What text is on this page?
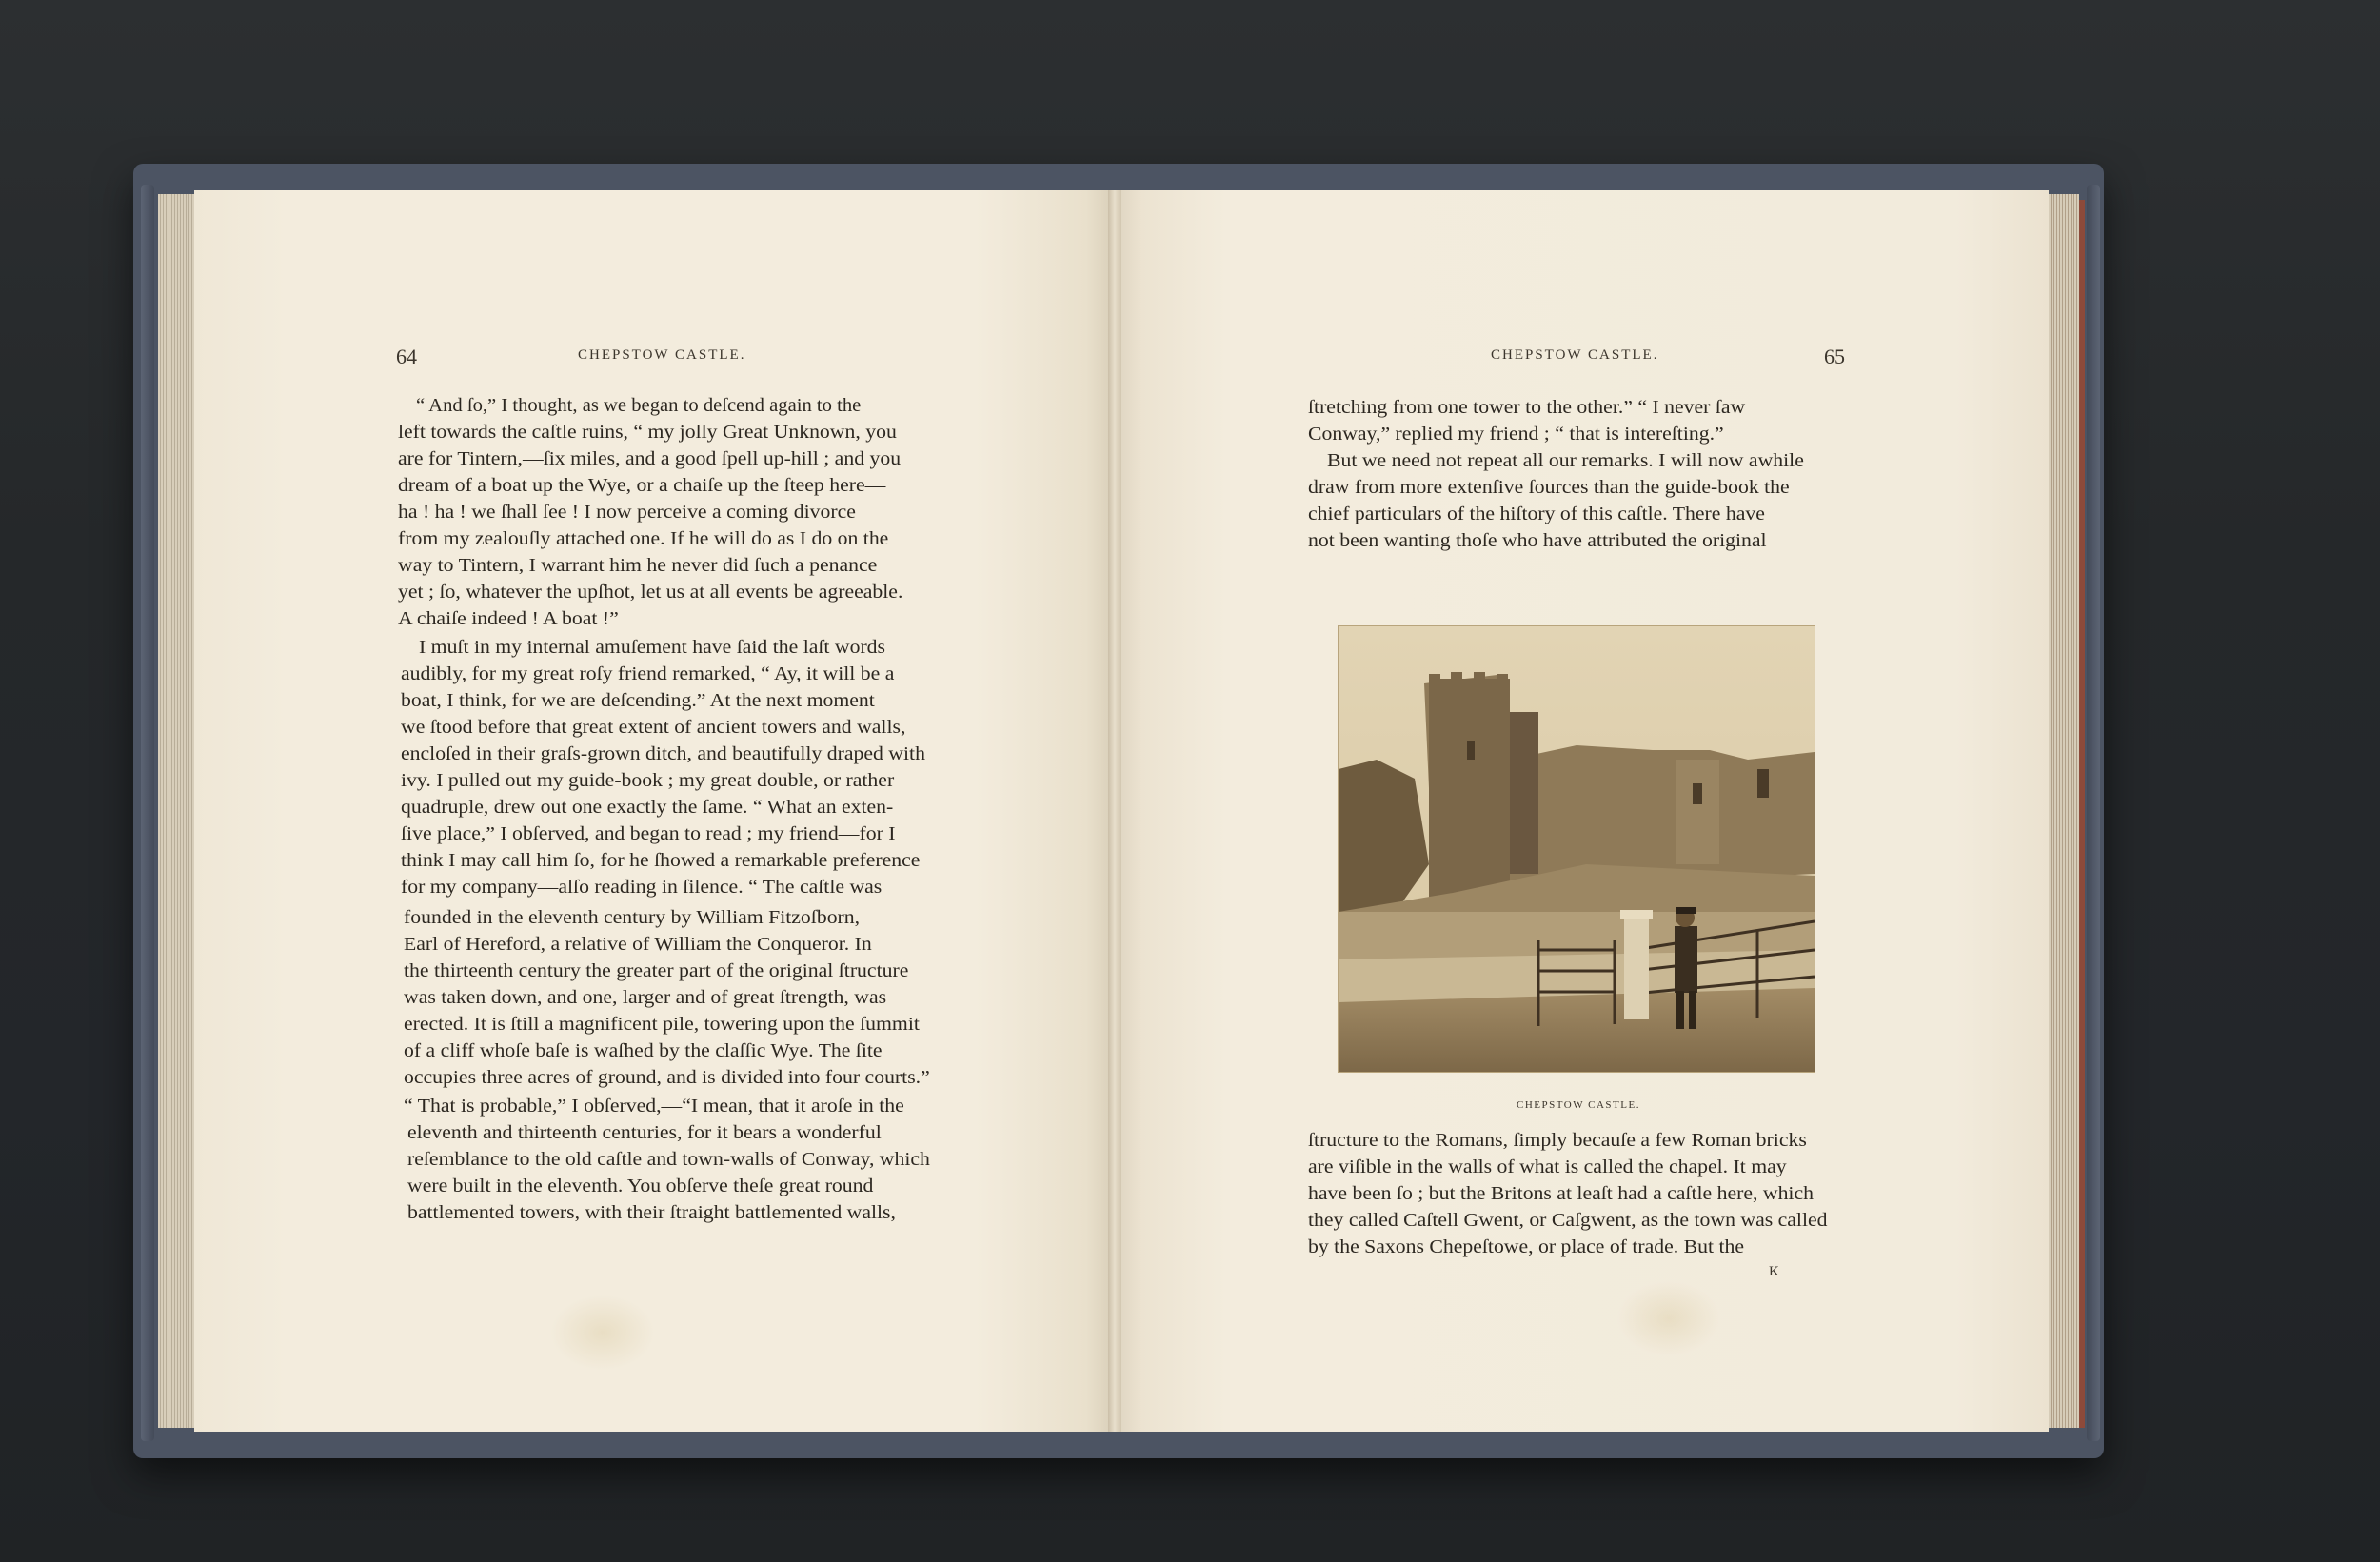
64	CHEPSTOW CASTLE.
“ And ſo,” I thought, as we began to deſcend again to the
left towards the caſtle ruins, “ my jolly Great Unknown, you
are for Tintern,—ſix miles, and a good ſpell up-hill ; and you
dream of a boat up the Wye, or a chaiſe up the ſteep here—
ha ! ha ! we ſhall ſee ! I now perceive a coming divorce
from my zealouſly attached one. If he will do as I do on the
way to Tintern, I warrant him he never did ſuch a penance
yet ; ſo, whatever the upſhot, let us at all events be agreeable.
A chaiſe indeed ! A boat !”
I muſt in my internal amuſement have ſaid the laſt words
audibly, for my great roſy friend remarked, “ Ay, it will be a
boat, I think, for we are deſcending.” At the next moment
we ſtood before that great extent of ancient towers and walls,
encloſed in their graſs-grown ditch, and beautifully draped with
ivy. I pulled out my guide-book ; my great double, or rather
quadruple, drew out one exactly the ſame. “ What an exten-
ſive place,” I obſerved, and began to read ; my friend—for I
think I may call him ſo, for he ſhowed a remarkable preference
for my company—alſo reading in ſilence. “ The caſtle was
founded in the eleventh century by William Fitzoſborn,
Earl of Hereford, a relative of William the Conqueror. In
the thirteenth century the greater part of the original ſtructure
was taken down, and one, larger and of great ſtrength, was
erected. It is ſtill a magnificent pile, towering upon the ſummit
of a cliff whoſe baſe is waſhed by the claſſic Wye. The ſite
occupies three acres of ground, and is divided into four courts.”
“ That is probable,” I obſerved,—“I mean, that it aroſe in the
eleventh and thirteenth centuries, for it bears a wonderful
reſemblance to the old caſtle and town-walls of Conway, which
were built in the eleventh. You obſerve theſe great round
battlemented towers, with their ſtraight battlemented walls,
CHEPSTOW CASTLE.	65
ſtretching from one tower to the other.” “ I never ſaw
Conway,” replied my friend ; “ that is intereſting.”
But we need not repeat all our remarks. I will now awhile
draw from more extenſive ſources than the guide-book the
chief particulars of the hiſtory of this caſtle. There have
not been wanting thoſe who have attributed the original
CHEPSTOW CASTLE.
ſtructure to the Romans, ſimply becauſe a few Roman bricks
are viſible in the walls of what is called the chapel. It may
have been ſo ; but the Britons at leaſt had a caſtle here, which
they called Caſtell Gwent, or Caſgwent, as the town was called
by the Saxons Chepeſtowe, or place of trade. But the
K
